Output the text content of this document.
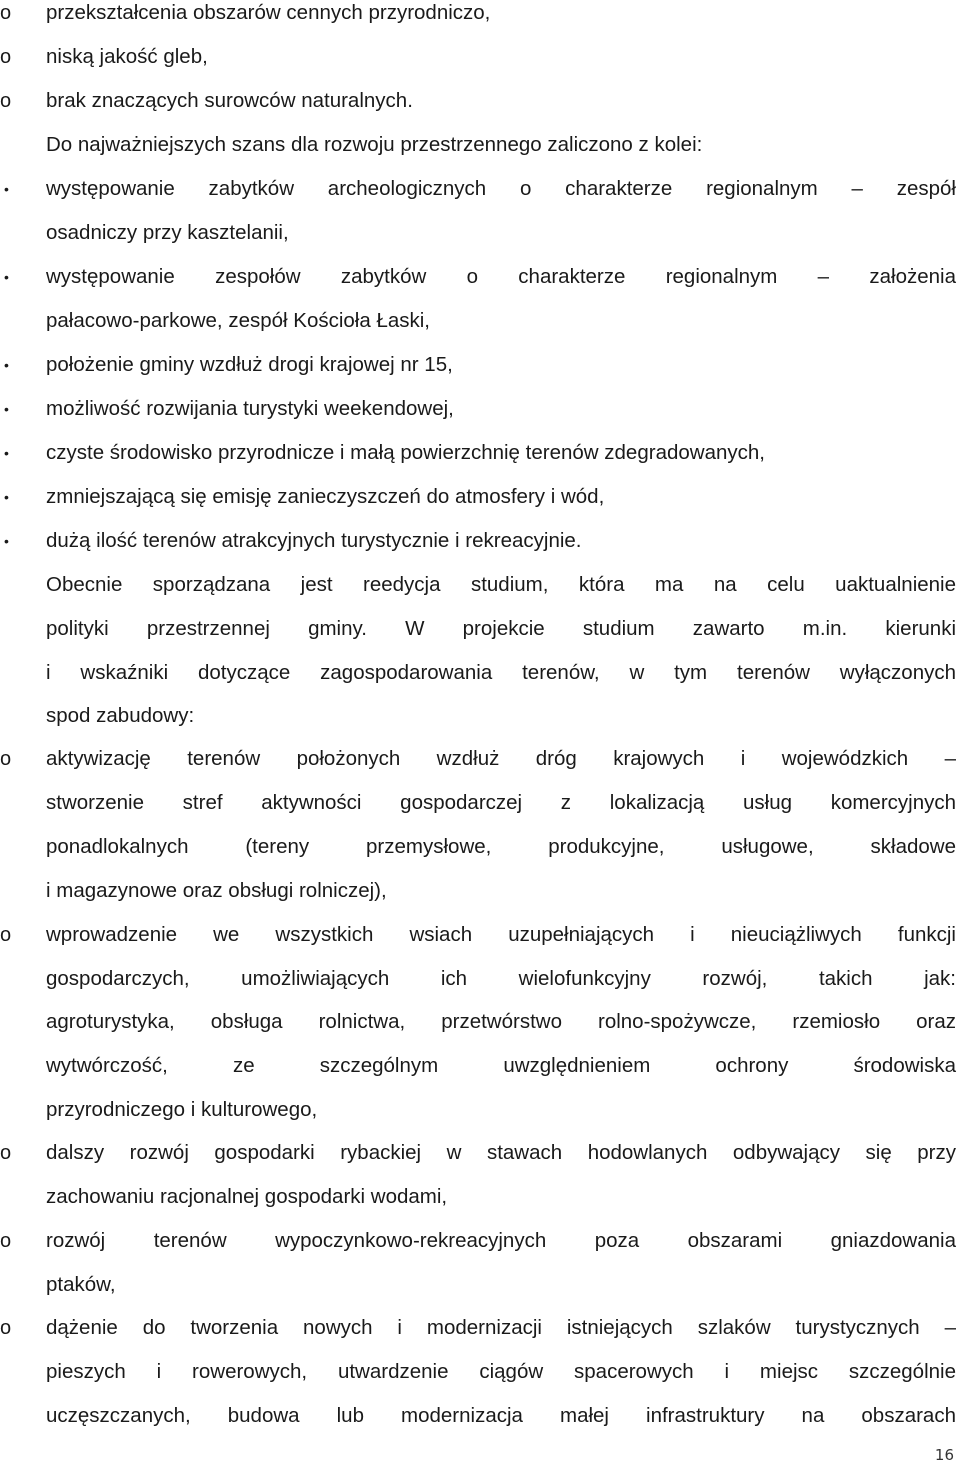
o
o
o
•
•
•
•
•
•
•
o
o
o
o
o
przekształcenia obszarów cennych przyrodniczo,
niską jakość gleb,
brak znaczących surowców naturalnych.
Do najważniejszych szans dla rozwoju przestrzennego zaliczono z kolei:
występowanie zabytków archeologicznych o charakterze regionalnym – zespół
osadniczy przy kasztelanii,
występowanie zespołów zabytków o charakterze regionalnym – założenia
pałacowo-parkowe, zespół Kościoła Łaski,
położenie gminy wzdłuż drogi krajowej nr 15,
możliwość rozwijania turystyki weekendowej,
czyste środowisko przyrodnicze i małą powierzchnię terenów zdegradowanych,
zmniejszającą się emisję zanieczyszczeń do atmosfery i wód,
dużą ilość terenów atrakcyjnych turystycznie i rekreacyjnie.
Obecnie sporządzana jest reedycja studium, która ma na celu uaktualnienie
polityki przestrzennej gminy. W projekcie studium zawarto m.in. kierunki
i wskaźniki dotyczące zagospodarowania terenów, w tym terenów wyłączonych
spod zabudowy:
aktywizację terenów położonych wzdłuż dróg krajowych i wojewódzkich –
stworzenie stref aktywności gospodarczej z lokalizacją usług komercyjnych
ponadlokalnych (tereny przemysłowe, produkcyjne, usługowe, składowe
i magazynowe oraz obsługi rolniczej),
wprowadzenie we wszystkich wsiach uzupełniających i nieuciążliwych funkcji
gospodarczych, umożliwiających ich wielofunkcyjny rozwój, takich jak:
agroturystyka, obsługa rolnictwa, przetwórstwo rolno-spożywcze, rzemiosło oraz
wytwórczość, ze szczególnym uwzględnieniem ochrony środowiska
przyrodniczego i kulturowego,
dalszy rozwój gospodarki rybackiej w stawach hodowlanych odbywający się przy
zachowaniu racjonalnej gospodarki wodami,
rozwój terenów wypoczynkowo-rekreacyjnych poza obszarami gniazdowania
ptaków,
dążenie do tworzenia nowych i modernizacji istniejących szlaków turystycznych –
pieszych i rowerowych, utwardzenie ciągów spacerowych i miejsc szczególnie
uczęszczanych, budowa lub modernizacja małej infrastruktury na obszarach
16
